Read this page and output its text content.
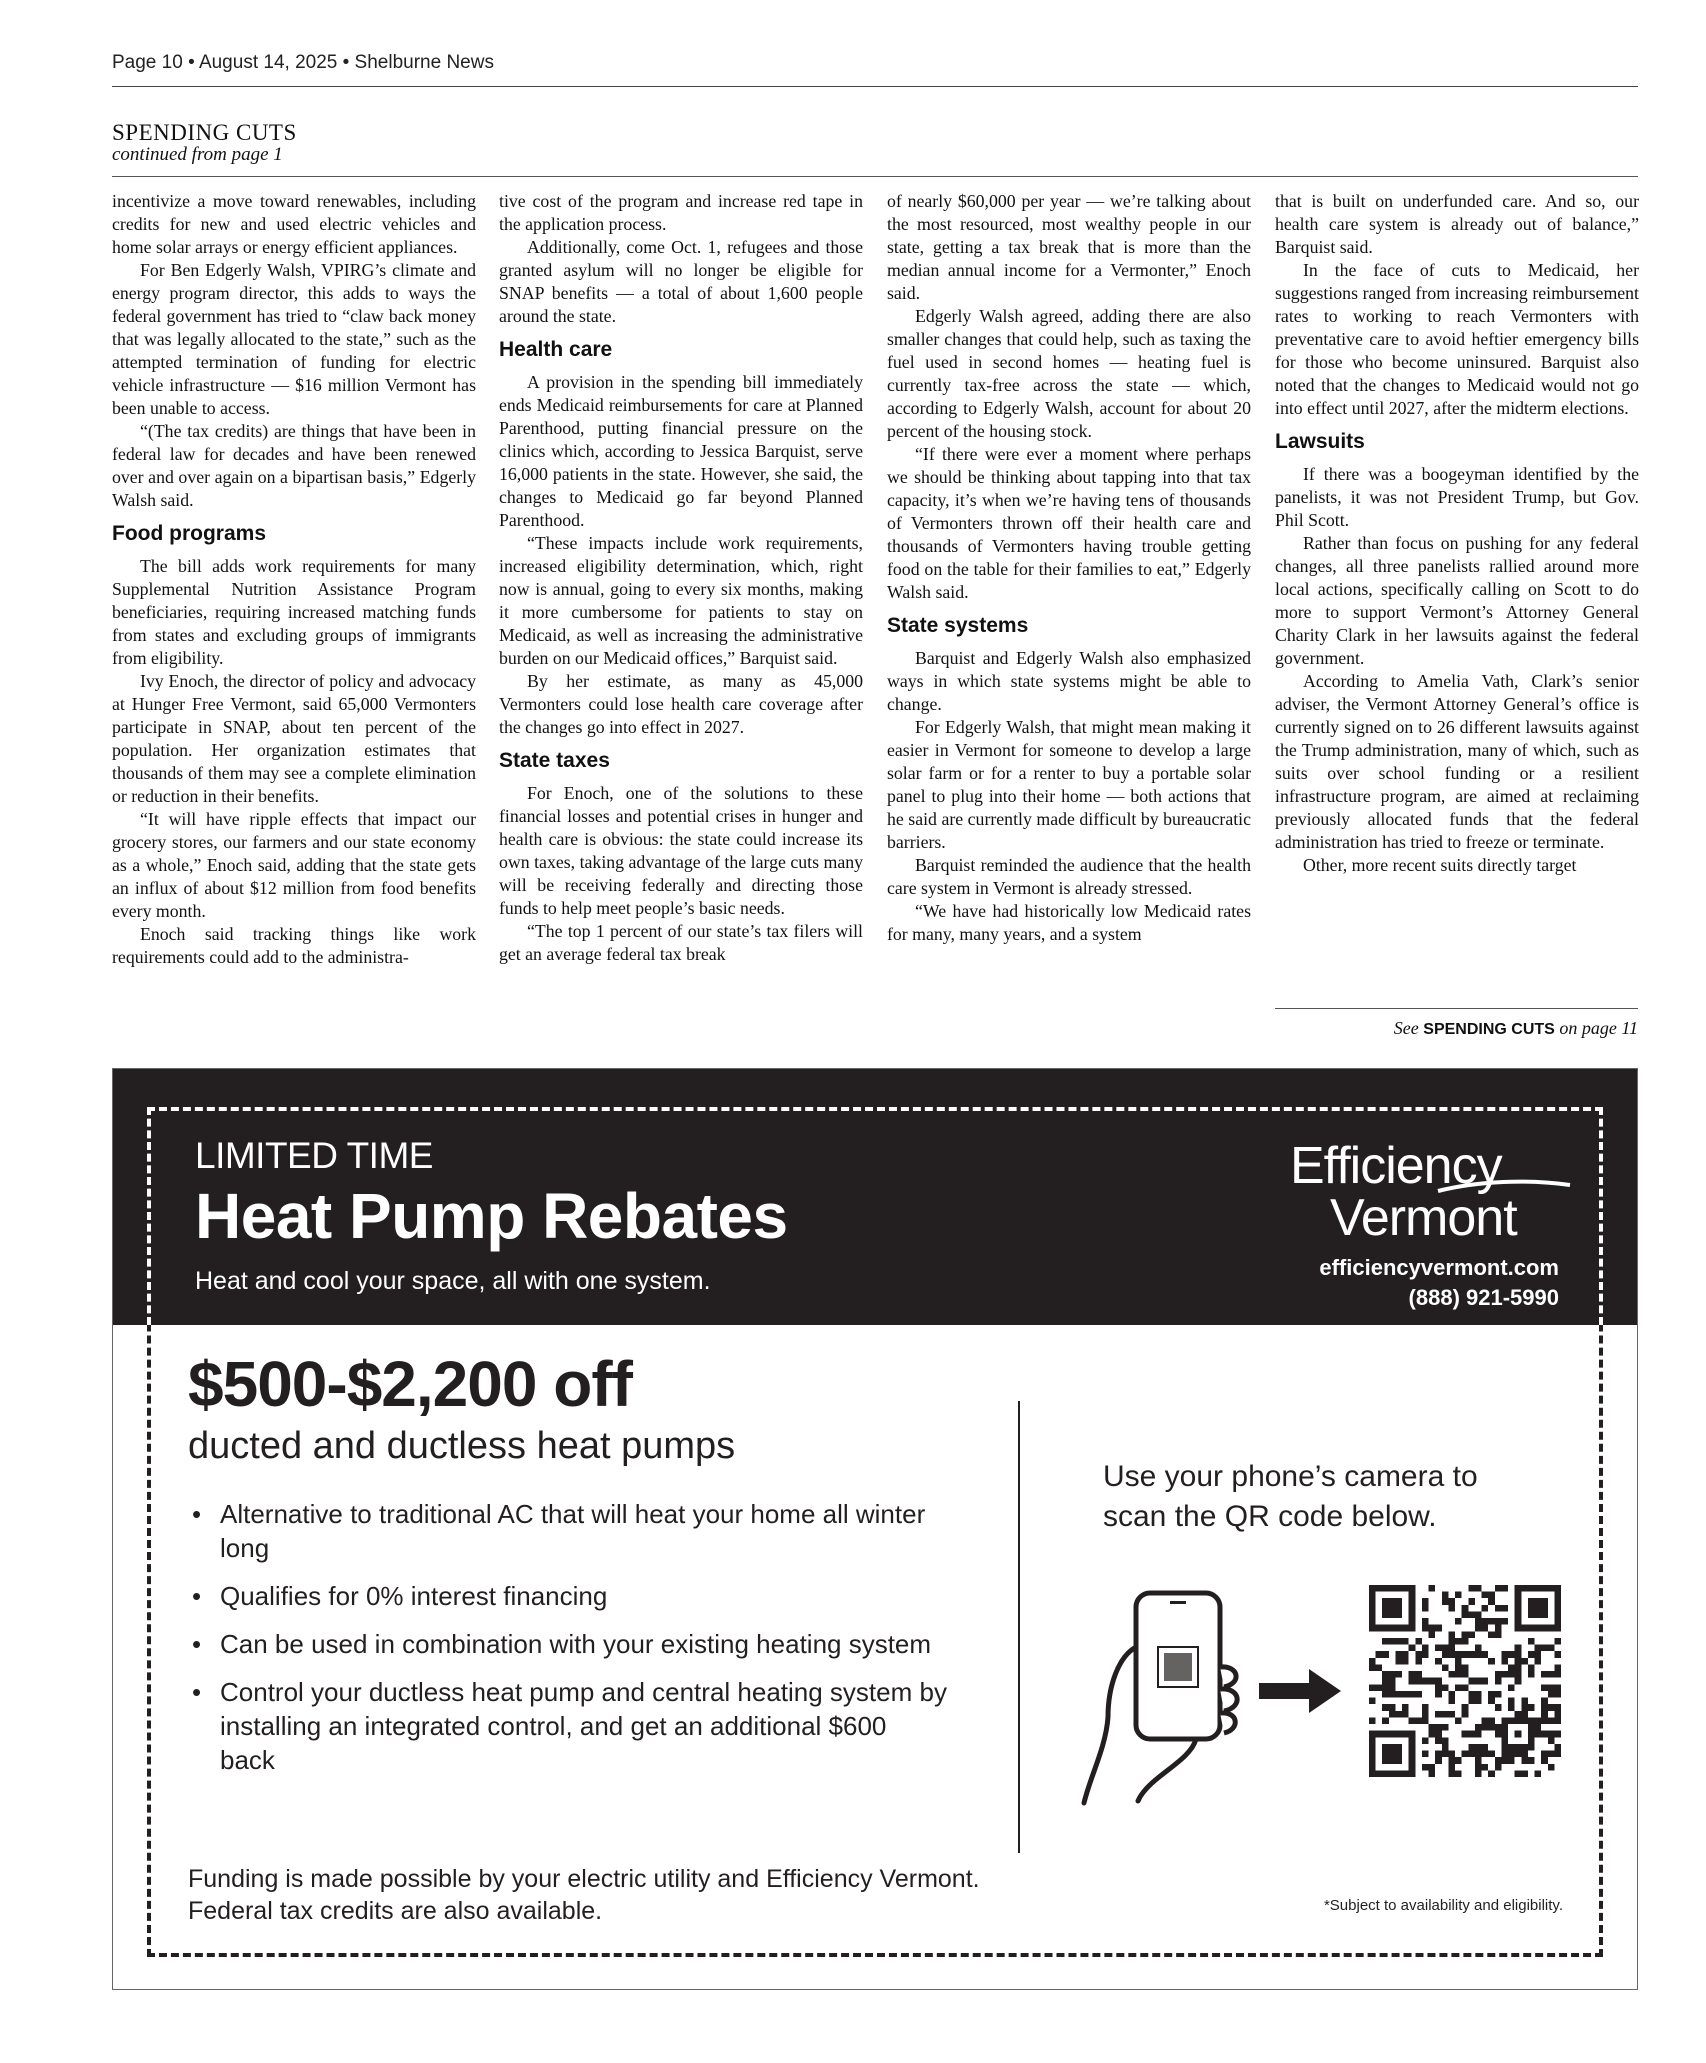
Page 10 • August 14, 2025 • Shelburne News
SPENDING CUTS
continued from page 1

incentivize a move toward renewables, including credits for new and used electric vehicles and home solar arrays or energy efficient appliances.

For Ben Edgerly Walsh, VPIRG’s climate and energy program director, this adds to ways the federal government has tried to “claw back money that was legally allocated to the state,” such as the attempted termination of funding for electric vehicle infrastructure — $16 million Vermont has been unable to access.

“(The tax credits) are things that have been in federal law for decades and have been renewed over and over again on a bipartisan basis,” Edgerly Walsh said.

Food programs

The bill adds work requirements for many Supplemental Nutrition Assistance Program beneficiaries, requiring increased matching funds from states and excluding groups of immigrants from eligibility.

Ivy Enoch, the director of policy and advocacy at Hunger Free Vermont, said 65,000 Vermonters participate in SNAP, about ten percent of the population. Her organization estimates that thousands of them may see a complete elimination or reduction in their benefits.

“It will have ripple effects that impact our grocery stores, our farmers and our state economy as a whole,” Enoch said, adding that the state gets an influx of about $12 million from food benefits every month.

Enoch said tracking things like work requirements could add to the administra-

tive cost of the program and increase red tape in the application process.

Additionally, come Oct. 1, refugees and those granted asylum will no longer be eligible for SNAP benefits — a total of about 1,600 people around the state.

Health care

A provision in the spending bill immediately ends Medicaid reimbursements for care at Planned Parenthood, putting financial pressure on the clinics which, according to Jessica Barquist, serve 16,000 patients in the state. However, she said, the changes to Medicaid go far beyond Planned Parenthood.

“These impacts include work requirements, increased eligibility determination, which, right now is annual, going to every six months, making it more cumbersome for patients to stay on Medicaid, as well as increasing the administrative burden on our Medicaid offices,” Barquist said.

By her estimate, as many as 45,000 Vermonters could lose health care coverage after the changes go into effect in 2027.

State taxes

For Enoch, one of the solutions to these financial losses and potential crises in hunger and health care is obvious: the state could increase its own taxes, taking advantage of the large cuts many will be receiving federally and directing those funds to help meet people’s basic needs.

“The top 1 percent of our state’s tax filers will get an average federal tax break

of nearly $60,000 per year — we’re talking about the most resourced, most wealthy people in our state, getting a tax break that is more than the median annual income for a Vermonter,” Enoch said.

Edgerly Walsh agreed, adding there are also smaller changes that could help, such as taxing the fuel used in second homes — heating fuel is currently tax-free across the state — which, according to Edgerly Walsh, account for about 20 percent of the housing stock.

“If there were ever a moment where perhaps we should be thinking about tapping into that tax capacity, it’s when we’re having tens of thousands of Vermonters thrown off their health care and thousands of Vermonters having trouble getting food on the table for their families to eat,” Edgerly Walsh said.

State systems

Barquist and Edgerly Walsh also emphasized ways in which state systems might be able to change.

For Edgerly Walsh, that might mean making it easier in Vermont for someone to develop a large solar farm or for a renter to buy a portable solar panel to plug into their home — both actions that he said are currently made difficult by bureaucratic barriers.

Barquist reminded the audience that the health care system in Vermont is already stressed.

“We have had historically low Medicaid rates for many, many years, and a system

that is built on underfunded care. And so, our health care system is already out of balance,” Barquist said.

In the face of cuts to Medicaid, her suggestions ranged from increasing reimbursement rates to working to reach Vermonters with preventative care to avoid heftier emergency bills for those who become uninsured. Barquist also noted that the changes to Medicaid would not go into effect until 2027, after the midterm elections.

Lawsuits

If there was a boogeyman identified by the panelists, it was not President Trump, but Gov. Phil Scott.

Rather than focus on pushing for any federal changes, all three panelists rallied around more local actions, specifically calling on Scott to do more to support Vermont’s Attorney General Charity Clark in her lawsuits against the federal government.

According to Amelia Vath, Clark’s senior adviser, the Vermont Attorney General’s office is currently signed on to 26 different lawsuits against the Trump administration, many of which, such as suits over school funding or a resilient infrastructure program, are aimed at reclaiming previously allocated funds that the federal administration has tried to freeze or terminate.

Other, more recent suits directly target

See SPENDING CUTS on page 11
LIMITED TIME
Heat Pump Rebates
Heat and cool your space, all with one system.
Efficiency
Vermont
efficiencyvermont.com
(888) 921-5990
$500-$2,200 off
ducted and ductless heat pumps
• Alternative to traditional AC that will heat your home all winter long
• Qualifies for 0% interest financing
• Can be used in combination with your existing heating system
• Control your ductless heat pump and central heating system by installing an integrated control, and get an additional $600 back
Funding is made possible by your electric utility and Efficiency Vermont. Federal tax credits are also available.
Use your phone’s camera to scan the QR code below.
*Subject to availability and eligibility.
